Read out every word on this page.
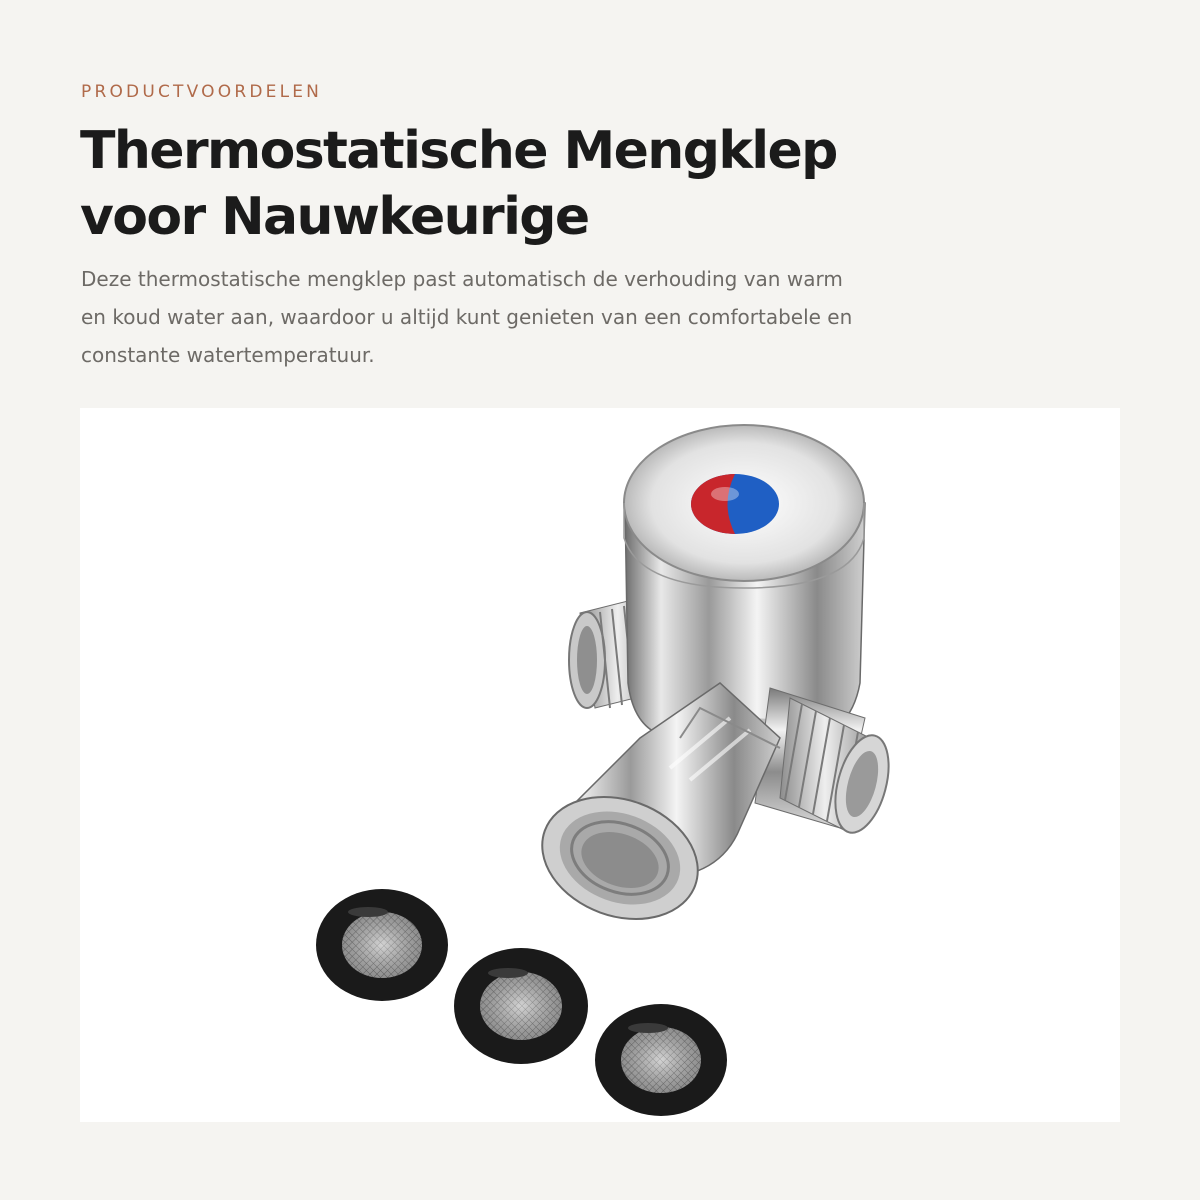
PRODUCTVOORDELEN
Thermostatische Mengklep
voor Nauwkeurige

Deze thermostatische mengklep past automatisch de verhouding van warm
en koud water aan, waardoor u altijd kunt genieten van een comfortabele en
constante watertemperatuur.
